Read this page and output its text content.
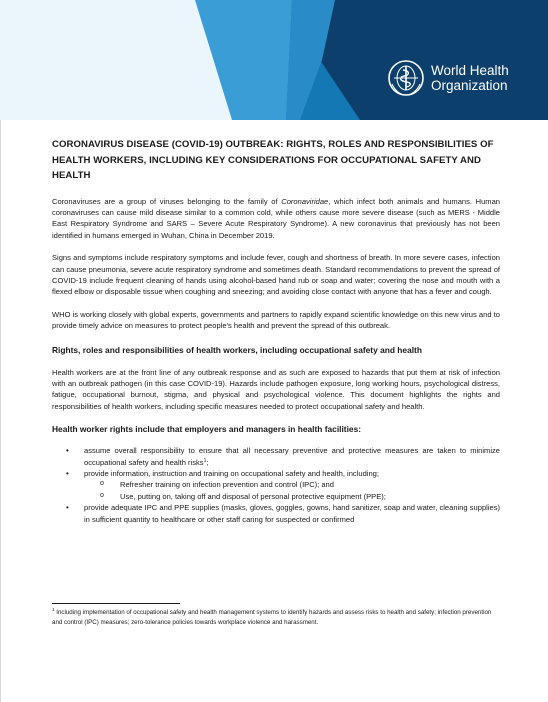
World Health
Organization
CORONAVIRUS DISEASE (COVID-19) OUTBREAK: RIGHTS, ROLES AND RESPONSIBILITIES OF HEALTH WORKERS, INCLUDING KEY CONSIDERATIONS FOR OCCUPATIONAL SAFETY AND HEALTH

Coronaviruses are a group of viruses belonging to the family of Coronaviridae, which infect both animals and humans. Human coronaviruses can cause mild disease similar to a common cold, while others cause more severe disease (such as MERS - Middle East Respiratory Syndrome and SARS – Severe Acute Respiratory Syndrome). A new coronavirus that previously has not been identified in humans emerged in Wuhan, China in December 2019.

Signs and symptoms include respiratory symptoms and include fever, cough and shortness of breath. In more severe cases, infection can cause pneumonia, severe acute respiratory syndrome and sometimes death. Standard recommendations to prevent the spread of COVID-19 include frequent cleaning of hands using alcohol-based hand rub or soap and water; covering the nose and mouth with a flexed elbow or disposable tissue when coughing and sneezing; and avoiding close contact with anyone that has a fever and cough.

WHO is working closely with global experts, governments and partners to rapidly expand scientific knowledge on this new virus and to provide timely advice on measures to protect people’s health and prevent the spread of this outbreak.

Rights, roles and responsibilities of health workers, including occupational safety and health

Health workers are at the front line of any outbreak response and as such are exposed to hazards that put them at risk of infection with an outbreak pathogen (in this case COVID-19). Hazards include pathogen exposure, long working hours, psychological distress, fatigue, occupational burnout, stigma, and physical and psychological violence. This document highlights the rights and responsibilities of health workers, including specific measures needed to protect occupational safety and health.

Health worker rights include that employers and managers in health facilities:
• assume overall responsibility to ensure that all necessary preventive and protective measures are taken to minimize occupational safety and health risks$^1$;
• provide information, instruction and training on occupational safety and health, including;
o Refresher training on infection prevention and control (IPC); and
o Use, putting on, taking off and disposal of personal protective equipment (PPE);
• provide adequate IPC and PPE supplies (masks, gloves, goggles, gowns, hand sanitizer, soap and water, cleaning supplies) in sufficient quantity to healthcare or other staff caring for suspected or confirmed
$^1$ Including implementation of occupational safety and health management systems to identify hazards and assess risks to health and safety; infection prevention and control (IPC) measures; zero-tolerance policies towards workplace violence and harassment.
